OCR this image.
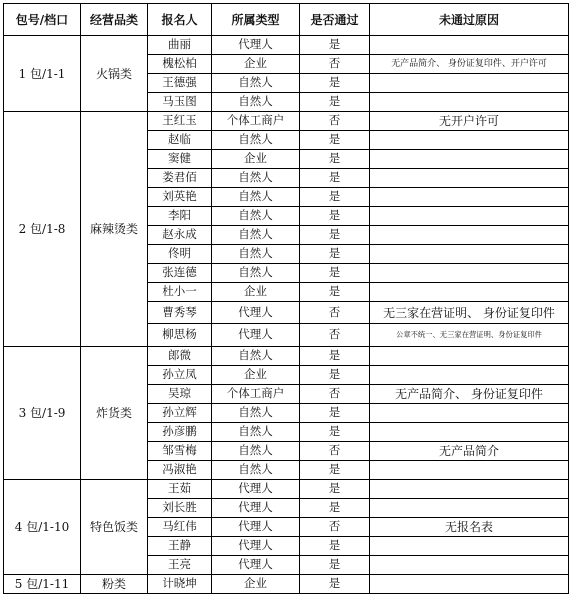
包号/档口	经营品类	报名人	所属类型	是否通过	未通过原因
1 包/1-1	火锅类	曲丽	代理人	是	
		槐松柏	企业	否	无产品简介、 身份证复印件、开户许可
		王德强	自然人	是	
		马玉图	自然人	是	
2 包/1-8	麻辣烫类	王红玉	个体工商户	否	无开户许可
		赵临	自然人	是	
		窦健	企业	是	
		娄君佰	自然人	是	
		刘英艳	自然人	是	
		李阳	自然人	是	
		赵永成	自然人	是	
		佟明	自然人	是	
		张连德	自然人	是	
		杜小一	企业	是	
		曹秀琴	代理人	否	无三家在营证明、 身份证复印件
		柳思杨	代理人	否	公章不统一、无三家在营证明、身份证复印件
3 包/1-9	炸货类	郎微	自然人	是	
		孙立凤	企业	是	
		吴琼	个体工商户	否	无产品简介、 身份证复印件
		孙立辉	自然人	是	
		孙彦鹏	自然人	是	
		邹雪梅	自然人	否	无产品简介
		冯淑艳	自然人	是	
4 包/1-10	特色饭类	王茹	代理人	是	
		刘长胜	代理人	是	
		马红伟	代理人	否	无报名表
		王静	代理人	是	
		王亮	代理人	是	
5 包/1-11	粉类	计晓坤	企业	是	
